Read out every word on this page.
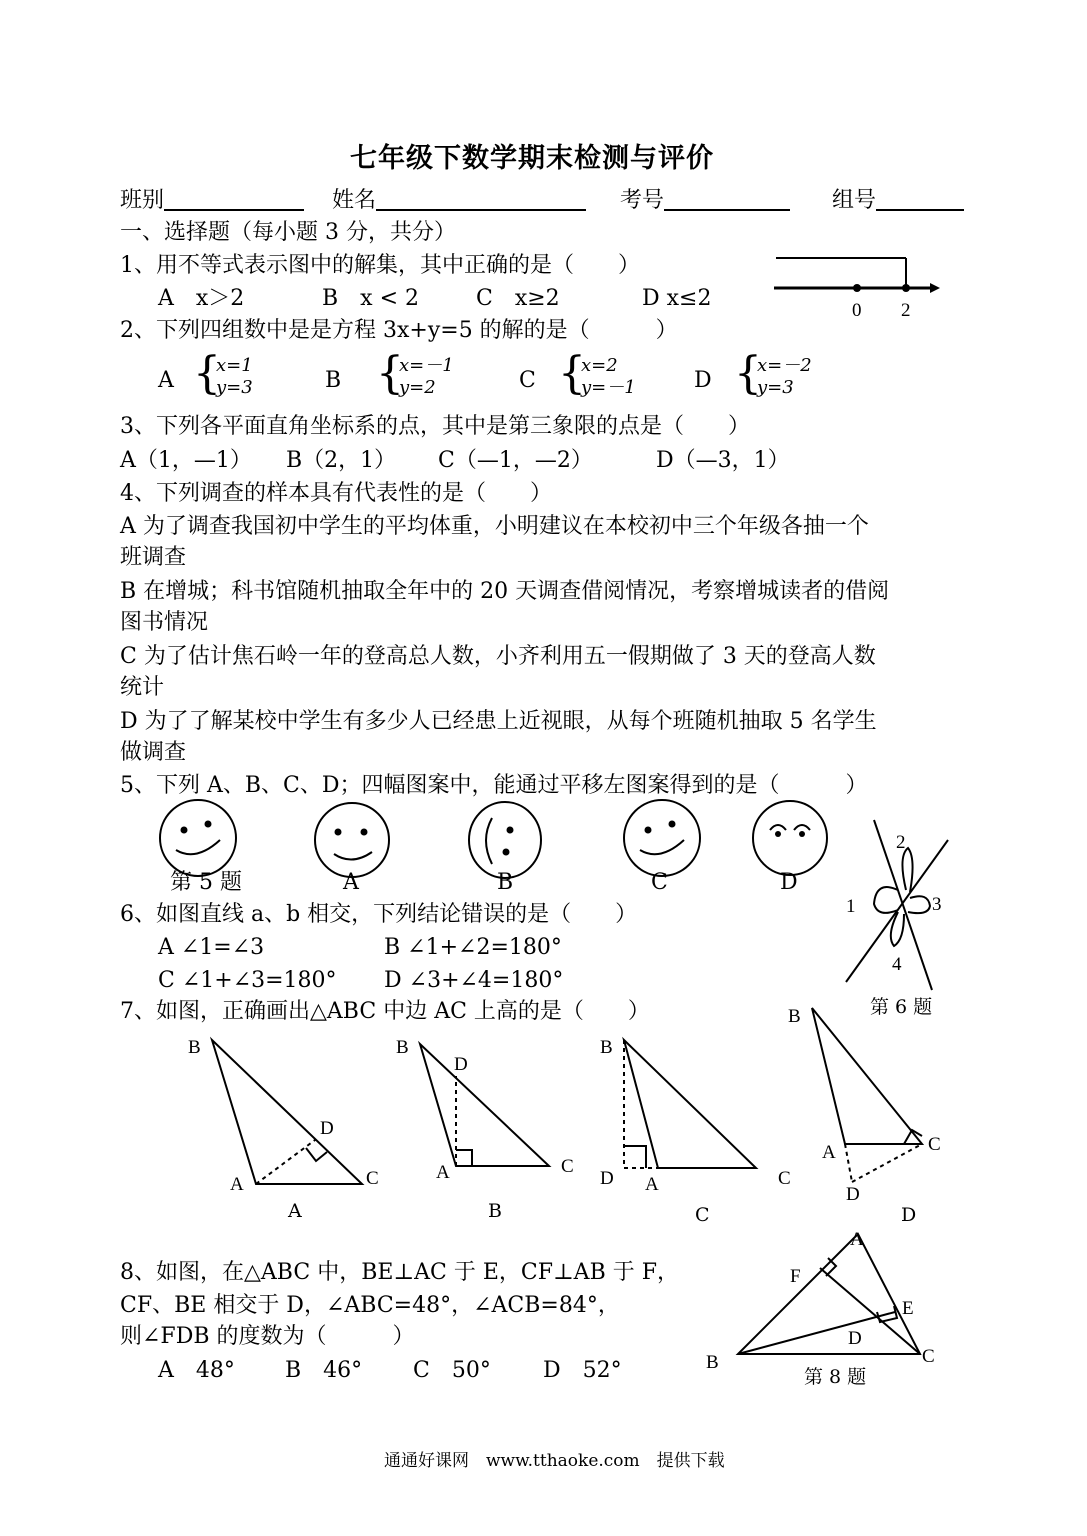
七年级下数学期末检测与评价
班别	姓名	考号	组号
一、选择题（每小题 3 分，共分）
1、用不等式表示图中的解集，其中正确的是（　　）
A　x＞2	B　x < 2	C　x≥2	D x≤2	0 2
2、下列四组数中是是方程 3x+y=5 的解的是（　　　）
A {
x=1
y=3	B {
x=－1
y=2	C {
x=2
y=－1	D {
x=－2
y=3
3、下列各平面直角坐标系的点，其中是第三象限的点是（　　）
A（1，—1） B（2，1） C（—1，—2）	D（—3，1）
4、下列调查的样本具有代表性的是（　　）
A 为了调查我国初中学生的平均体重，小明建议在本校初中三个年级各抽一个
班调查
B 在增城；科书馆随机抽取全年中的 20 天调查借阅情况，考察增城读者的借阅
图书情况
C 为了估计焦石岭一年的登高总人数，小齐利用五一假期做了 3 天的登高人数
统计
D 为了了解某校中学生有多少人已经患上近视眼，从每个班随机抽取 5 名学生
做调查
5、下列 A、B、C、D；四幅图案中，能通过平移左图案得到的是（　　　）
第 5 题	A	B	C	D
2
1	3
4
第 6 题
6、如图直线 a、b 相交，下列结论错误的是（　　）
A ∠1=∠3	B ∠1+∠2=180°
C ∠1+∠3=180° D ∠3+∠4=180°
7、如图，正确画出△ABC 中边 AC 上高的是（　　）
B
A	C
D
B
D
A	C
B
D A	C
B
A	C
D
A
F
E
D
B	C
A	B	C	D
8、如图，在△ABC 中，BE⊥AC 于 E，CF⊥AB 于 F，
CF、BE 相交于 D，∠ABC=48°，∠ACB=84°，
则∠FDB 的度数为（　　　）
A　48° B　46° C　50° D　52°	第 8 题
通通好课网　www.tthaoke.com　提供下载
